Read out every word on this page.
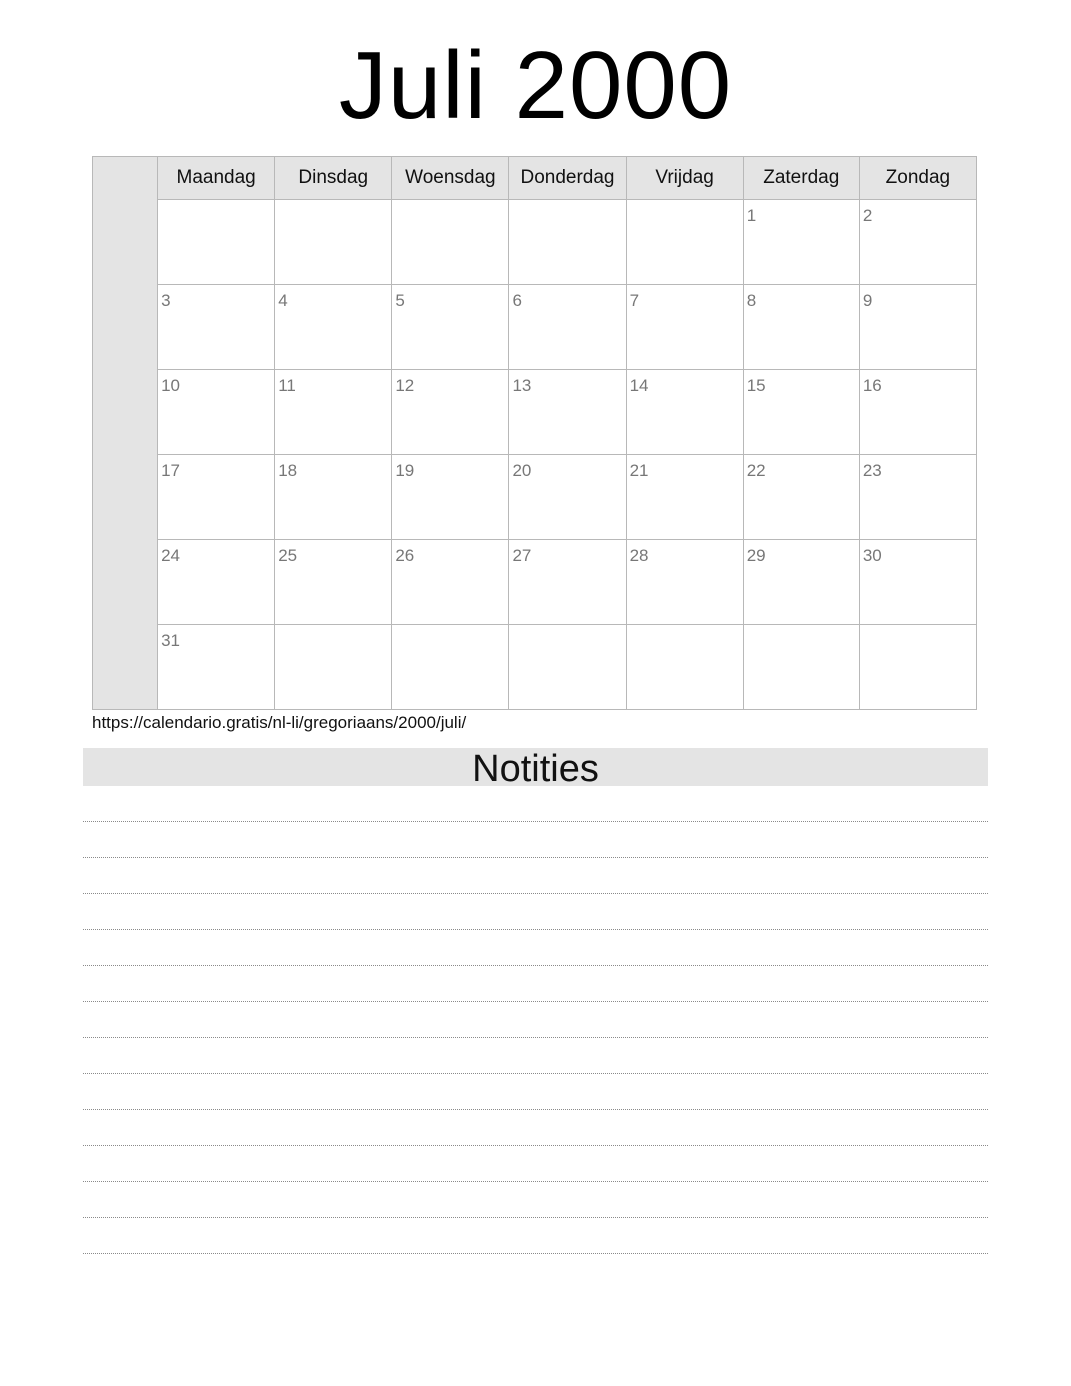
Juli 2000
	Maandag	Dinsdag	Woensdag	Donderdag	Vrijdag	Zaterdag	Zondag

						1	2

	3	4	5	6	7	8	9

	10	11	12	13	14	15	16

	17	18	19	20	21	22	23

	24	25	26	27	28	29	30

	31						

https://calendario.gratis/nl-li/gregoriaans/2000/juli/
Notities
